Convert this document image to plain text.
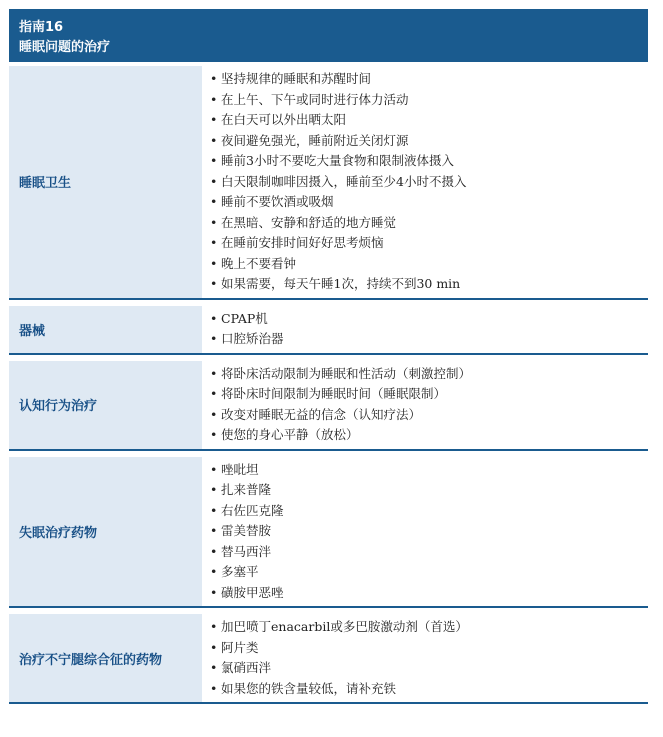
指南16
睡眠问题的治疗
睡眠卫生
• 坚持规律的睡眠和苏醒时间
• 在上午、下午或同时进行体力活动
• 在白天可以外出晒太阳
• 夜间避免强光，睡前附近关闭灯源
• 睡前3小时不要吃大量食物和限制液体摄入
• 白天限制咖啡因摄入，睡前至少4小时不摄入
• 睡前不要饮酒或吸烟
• 在黑暗、安静和舒适的地方睡觉
• 在睡前安排时间好好思考烦恼
• 晚上不要看钟
• 如果需要，每天午睡1次，持续不到30 min
器械
• CPAP机
• 口腔矫治器
认知行为治疗
• 将卧床活动限制为睡眠和性活动（刺激控制）
• 将卧床时间限制为睡眠时间（睡眠限制）
• 改变对睡眠无益的信念（认知疗法）
• 使您的身心平静（放松）
失眠治疗药物
• 唑吡坦
• 扎来普隆
• 右佐匹克隆
• 雷美替胺
• 替马西泮
• 多塞平
• 磺胺甲恶唑
治疗不宁腿综合征的药物
• 加巴喷丁enacarbil或多巴胺激动剂（首选）
• 阿片类
• 氯硝西泮
• 如果您的铁含量较低，请补充铁
